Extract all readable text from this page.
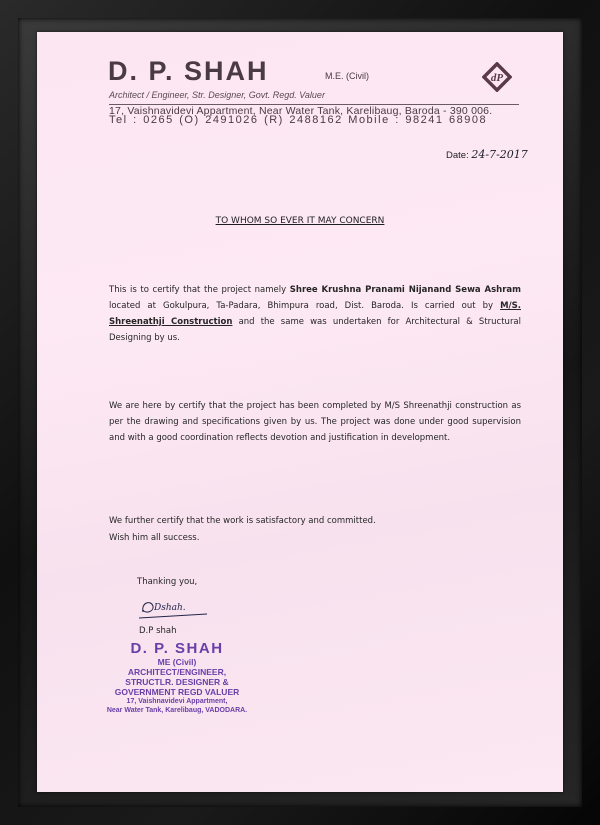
D. P. SHAH	M.E. (Civil)
Architect / Engineer, Str. Designer, Govt. Regd. Valuer
17, Vaishnavidevi Appartment, Near Water Tank, Karelibaug, Baroda - 390 006.
Tel : 0265 (O) 2491026 (R) 2488162 Mobile : 98241 68908
dP
Date: 24-7-2017
TO WHOM SO EVER IT MAY CONCERN
This is to certify that the project namely Shree Krushna Pranami Nijanand Sewa Ashram located at Gokulpura, Ta-Padara, Bhimpura road, Dist. Baroda. Is carried out by M/S. Shreenathji Construction and the same was undertaken for Architectural & Structural Designing by us.
We are here by certify that the project has been completed by M/S Shreenathji construction as per the drawing and specifications given by us. The project was done under good supervision and with a good coordination reflects devotion and justification in development.
We further certify that the work is satisfactory and committed.
Wish him all success.
Thanking you,
Dshah.
D.P shah
D. P. SHAH
ME (Civil)
ARCHITECT/ENGINEER,
STRUCTLR. DESIGNER &
GOVERNMENT REGD VALUER
17, Vaishnavidevi Appartment,
Near Water Tank, Karelibaug, VADODARA.
